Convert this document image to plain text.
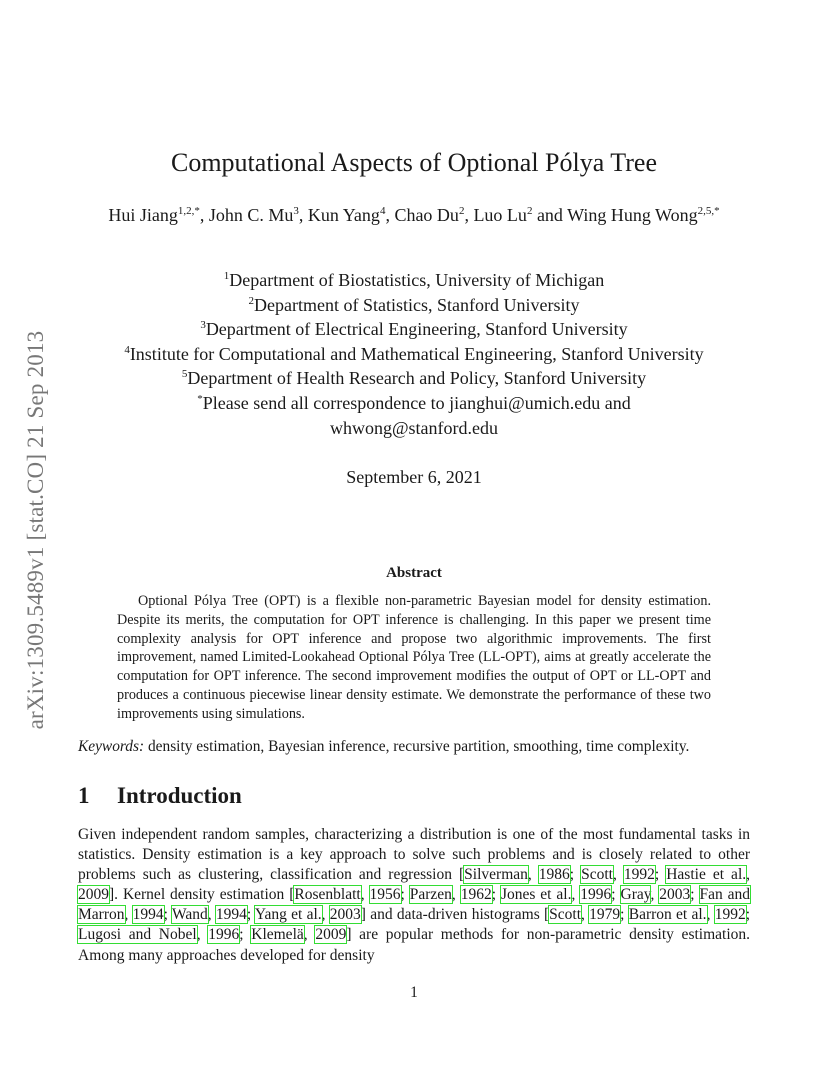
arXiv:1309.5489v1 [stat.CO] 21 Sep 2013
Computational Aspects of Optional Pólya Tree
Hui Jiang$^{1,2,*}$, John C. Mu$^3$, Kun Yang$^4$, Chao Du$^2$, Luo Lu$^2$ and Wing Hung Wong$^{2,5,*}$
$^1$Department of Biostatistics, University of Michigan
$^2$Department of Statistics, Stanford University
$^3$Department of Electrical Engineering, Stanford University
$^4$Institute for Computational and Mathematical Engineering, Stanford University
$^5$Department of Health Research and Policy, Stanford University
*Please send all correspondence to jianghui@umich.edu and
whwong@stanford.edu
September 6, 2021
Abstract
Optional Pólya Tree (OPT) is a flexible non-parametric Bayesian model for density estimation. Despite its merits, the computation for OPT inference is challenging. In this paper we present time complexity analysis for OPT inference and propose two algorithmic improvements. The first improvement, named Limited-Lookahead Optional Pólya Tree (LL-OPT), aims at greatly accelerate the computation for OPT inference. The second improvement modifies the output of OPT or LL-OPT and produces a continuous piecewise linear density estimate. We demonstrate the performance of these two improvements using simulations.
Keywords: density estimation, Bayesian inference, recursive partition, smoothing, time complexity.
1 Introduction
Given independent random samples, characterizing a distribution is one of the most fundamental tasks in statistics. Density estimation is a key approach to solve such problems and is closely related to other problems such as clustering, classification and regression [Silverman, 1986; Scott, 1992; Hastie et al., 2009]. Kernel density estimation [Rosenblatt, 1956; Parzen, 1962; Jones et al., 1996; Gray, 2003; Fan and Marron, 1994; Wand, 1994; Yang et al., 2003] and data-driven histograms [Scott, 1979; Barron et al., 1992; Lugosi and Nobel, 1996; Klemelä, 2009] are popular methods for non-parametric density estimation. Among many approaches developed for density
1
